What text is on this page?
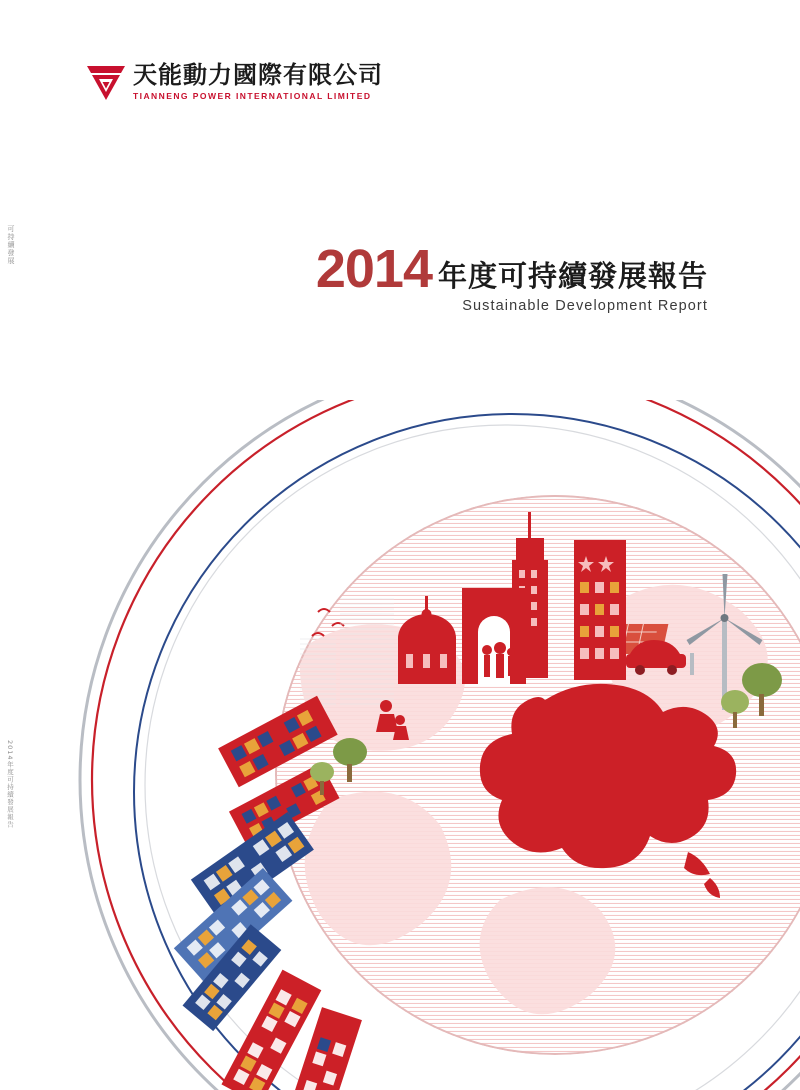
天能動力國際有限公司
TIANNENG POWER INTERNATIONAL LIMITED
2014 年度可持續發展報告
Sustainable Development Report
可持續發展
2014年度可持續發展報告
